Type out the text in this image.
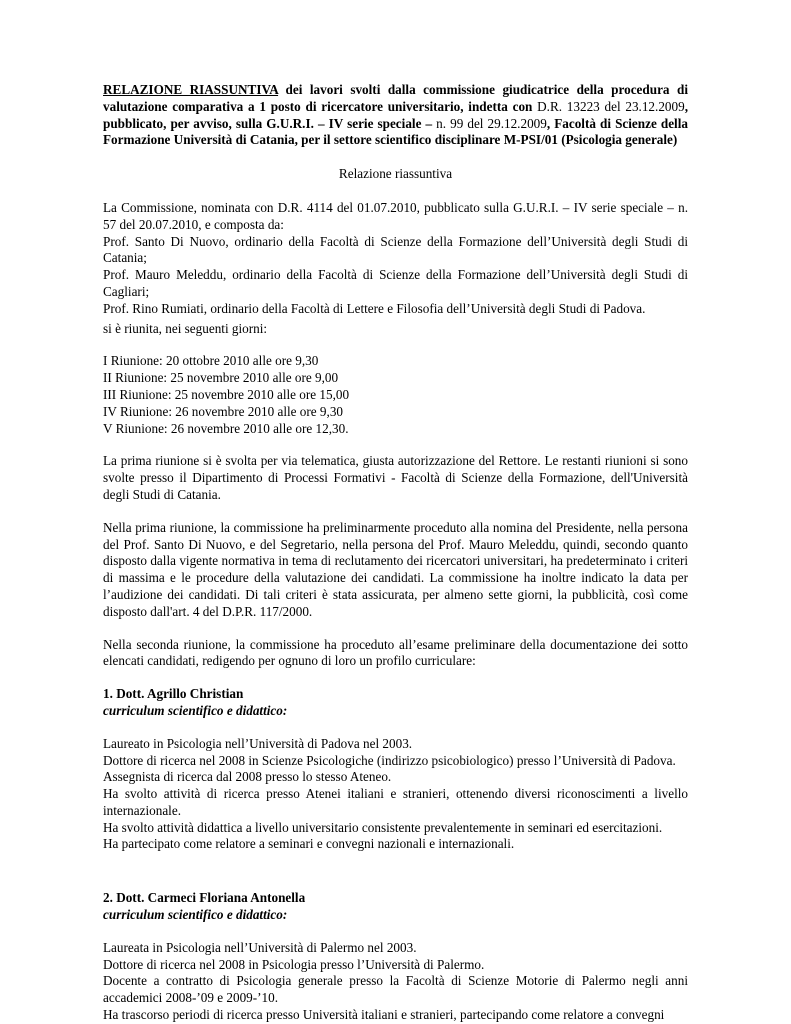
RELAZIONE RIASSUNTIVA dei lavori svolti dalla commissione giudicatrice della procedura di valutazione comparativa a 1 posto di ricercatore universitario, indetta con D.R. 13223 del 23.12.2009, pubblicato, per avviso, sulla G.U.R.I. – IV serie speciale – n. 99 del 29.12.2009, Facoltà di Scienze della Formazione Università di Catania, per il settore scientifico disciplinare M-PSI/01 (Psicologia generale)

Relazione riassuntiva

La Commissione, nominata con D.R. 4114 del 01.07.2010, pubblicato sulla G.U.R.I. – IV serie speciale – n. 57 del 20.07.2010, e composta da:

Prof. Santo Di Nuovo, ordinario della Facoltà di Scienze della Formazione dell’Università degli Studi di Catania;

Prof. Mauro Meleddu, ordinario della Facoltà di Scienze della Formazione dell’Università degli Studi di Cagliari;

Prof. Rino Rumiati, ordinario della Facoltà di Lettere e Filosofia dell’Università degli Studi di Padova.

si è riunita, nei seguenti giorni:

I Riunione: 20 ottobre 2010 alle ore 9,30

II Riunione: 25 novembre 2010 alle ore 9,00

III Riunione: 25 novembre 2010 alle ore 15,00

IV Riunione: 26 novembre 2010 alle ore 9,30

V Riunione: 26 novembre 2010 alle ore 12,30.

La prima riunione si è svolta per via telematica, giusta autorizzazione del Rettore. Le restanti riunioni si sono svolte presso il Dipartimento di Processi Formativi - Facoltà di Scienze della Formazione, dell'Università degli Studi di Catania.

Nella prima riunione, la commissione ha preliminarmente proceduto alla nomina del Presidente, nella persona del Prof. Santo Di Nuovo, e del Segretario, nella persona del Prof. Mauro Meleddu, quindi, secondo quanto disposto dalla vigente normativa in tema di reclutamento dei ricercatori universitari, ha predeterminato i criteri di massima e le procedure della valutazione dei candidati. La commissione ha inoltre indicato la data per l’audizione dei candidati. Di tali criteri è stata assicurata, per almeno sette giorni, la pubblicità, così come disposto dall'art. 4 del D.P.R. 117/2000.

Nella seconda riunione, la commissione ha proceduto all’esame preliminare della documentazione dei sotto elencati candidati, redigendo per ognuno di loro un profilo curriculare:

1. Dott. Agrillo Christian

curriculum scientifico e didattico:

Laureato in Psicologia nell’Università di Padova nel 2003.

Dottore di ricerca nel 2008 in Scienze Psicologiche (indirizzo psicobiologico) presso l’Università di Padova.

Assegnista di ricerca dal 2008 presso lo stesso Ateneo.

Ha svolto attività di ricerca presso Atenei italiani e stranieri, ottenendo diversi riconoscimenti a livello internazionale.

Ha svolto attività didattica a livello universitario consistente prevalentemente in seminari ed esercitazioni.

Ha partecipato come relatore a seminari e convegni nazionali e internazionali.

2. Dott. Carmeci Floriana Antonella

curriculum scientifico e didattico:

Laureata in Psicologia nell’Università di Palermo nel 2003.

Dottore di ricerca nel 2008 in Psicologia presso l’Università di Palermo.

Docente a contratto di Psicologia generale presso la Facoltà di Scienze Motorie di Palermo negli anni accademici 2008-’09 e 2009-’10.

Ha trascorso periodi di ricerca presso Università italiani e stranieri, partecipando come relatore a convegni
